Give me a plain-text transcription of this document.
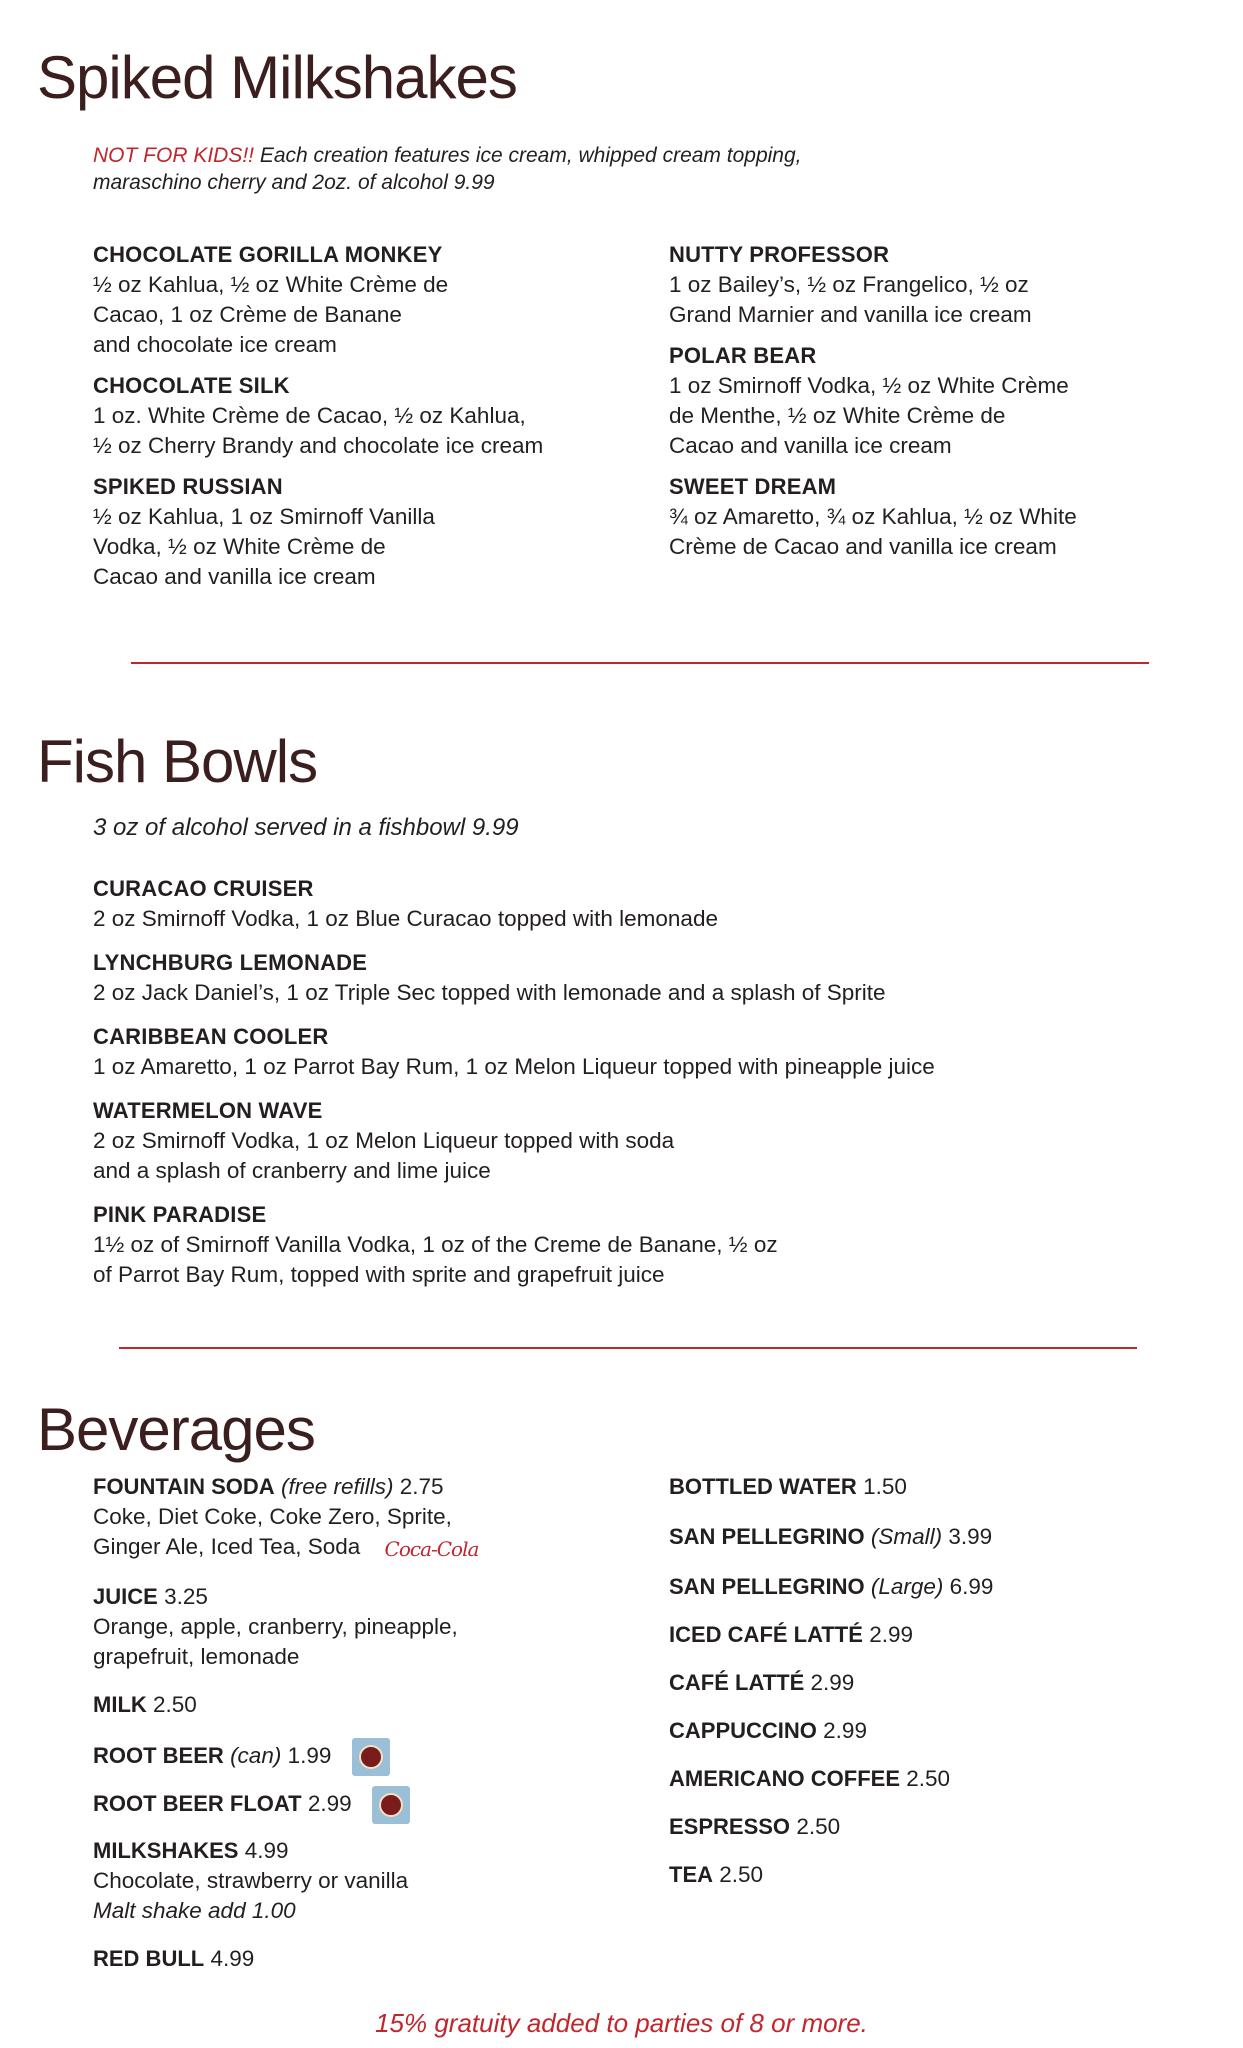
Spiked Milkshakes
NOT FOR KIDS!! Each creation features ice cream, whipped cream topping,
maraschino cherry and 2oz. of alcohol 9.99
CHOCOLATE GORILLA MONKEY
½ oz Kahlua, ½ oz White Crème de
Cacao, 1 oz Crème de Banane
and chocolate ice cream
CHOCOLATE SILK
1 oz. White Crème de Cacao, ½ oz Kahlua,
½ oz Cherry Brandy and chocolate ice cream
SPIKED RUSSIAN
½ oz Kahlua, 1 oz Smirnoff Vanilla
Vodka, ½ oz White Crème de
Cacao and vanilla ice cream
NUTTY PROFESSOR
1 oz Bailey’s, ½ oz Frangelico, ½ oz
Grand Marnier and vanilla ice cream
POLAR BEAR
1 oz Smirnoff Vodka, ½ oz White Crème
de Menthe, ½ oz White Crème de
Cacao and vanilla ice cream
SWEET DREAM
¾ oz Amaretto, ¾ oz Kahlua, ½ oz White
Crème de Cacao and vanilla ice cream
Fish Bowls
3 oz of alcohol served in a fishbowl 9.99
CURACAO CRUISER
2 oz Smirnoff Vodka, 1 oz Blue Curacao topped with lemonade
LYNCHBURG LEMONADE
2 oz Jack Daniel’s, 1 oz Triple Sec topped with lemonade and a splash of Sprite
CARIBBEAN COOLER
1 oz Amaretto, 1 oz Parrot Bay Rum, 1 oz Melon Liqueur topped with pineapple juice
WATERMELON WAVE
2 oz Smirnoff Vodka, 1 oz Melon Liqueur topped with soda
and a splash of cranberry and lime juice
PINK PARADISE
1½ oz of Smirnoff Vanilla Vodka, 1 oz of the Creme de Banane, ½ oz
of Parrot Bay Rum, topped with sprite and grapefruit juice
Beverages
FOUNTAIN SODA (free refills) 2.75
Coke, Diet Coke, Coke Zero, Sprite,
Ginger Ale, Iced Tea, Soda Coca-Cola
JUICE 3.25
Orange, apple, cranberry, pineapple,
grapefruit, lemonade
MILK 2.50
ROOT BEER (can) 1.99
ROOT BEER FLOAT 2.99
MILKSHAKES 4.99
Chocolate, strawberry or vanilla
Malt shake add 1.00
RED BULL 4.99
BOTTLED WATER 1.50
SAN PELLEGRINO (Small) 3.99
SAN PELLEGRINO (Large) 6.99
ICED CAFÉ LATTÉ 2.99
CAFÉ LATTÉ 2.99
CAPPUCCINO 2.99
AMERICANO COFFEE 2.50
ESPRESSO 2.50
TEA 2.50
15% gratuity added to parties of 8 or more.
